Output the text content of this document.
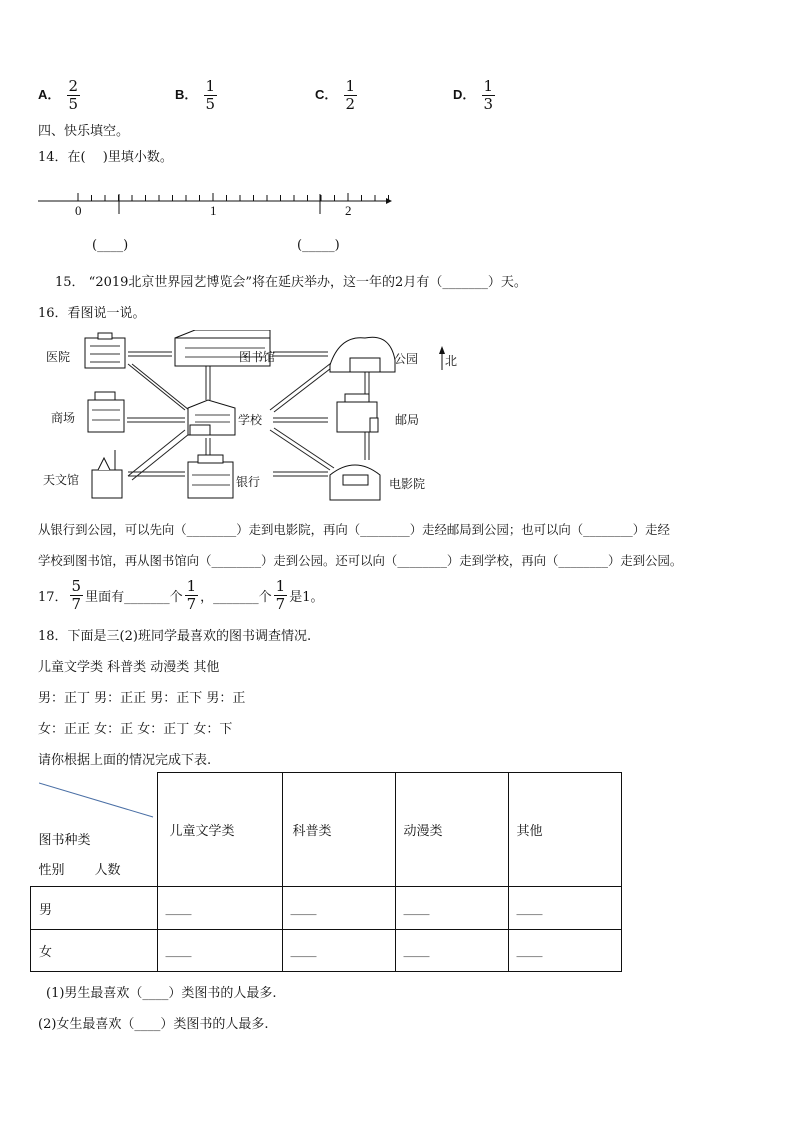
A． $\frac{2}{5}$	B． $\frac{1}{5}$	C． $\frac{1}{2}$	D． $\frac{1}{3}$
四、快乐填空。
14．在(　 )里填小数。
0	1	2
(____)	(_____)
15． “2019北京世界园艺博览会”将在延庆举办，这一年的2月有（_______）天。
16．看图说一说。
医院	图书馆	公园 北
商场	学校	邮局
天文馆	银行	电影院
从银行到公园，可以先向（________）走到电影院，再向（________）走经邮局到公园；也可以向（________）走经
学校到图书馆，再从图书馆向（________）走到公园。还可以向（________）走到学校，再向（________）走到公园。
17． $\frac{5}{7}$ 里面有_______个 $\frac{1}{7}$ ，_______个 $\frac{1}{7}$ 是1。
18．下面是三(2)班同学最喜欢的图书调查情况.
儿童文学类 科普类 动漫类 其他
男：正丁 男：正正 男：正下 男：正
女：正正 女：正 女：正丁 女：下
请你根据上面的情况完成下表.
图书种类
性别 人数	儿童文学类	科普类	动漫类	其他
男	____	____	____	____
女	____	____	____	____
(1)男生最喜欢（____）类图书的人最多.
(2)女生最喜欢（____）类图书的人最多.
